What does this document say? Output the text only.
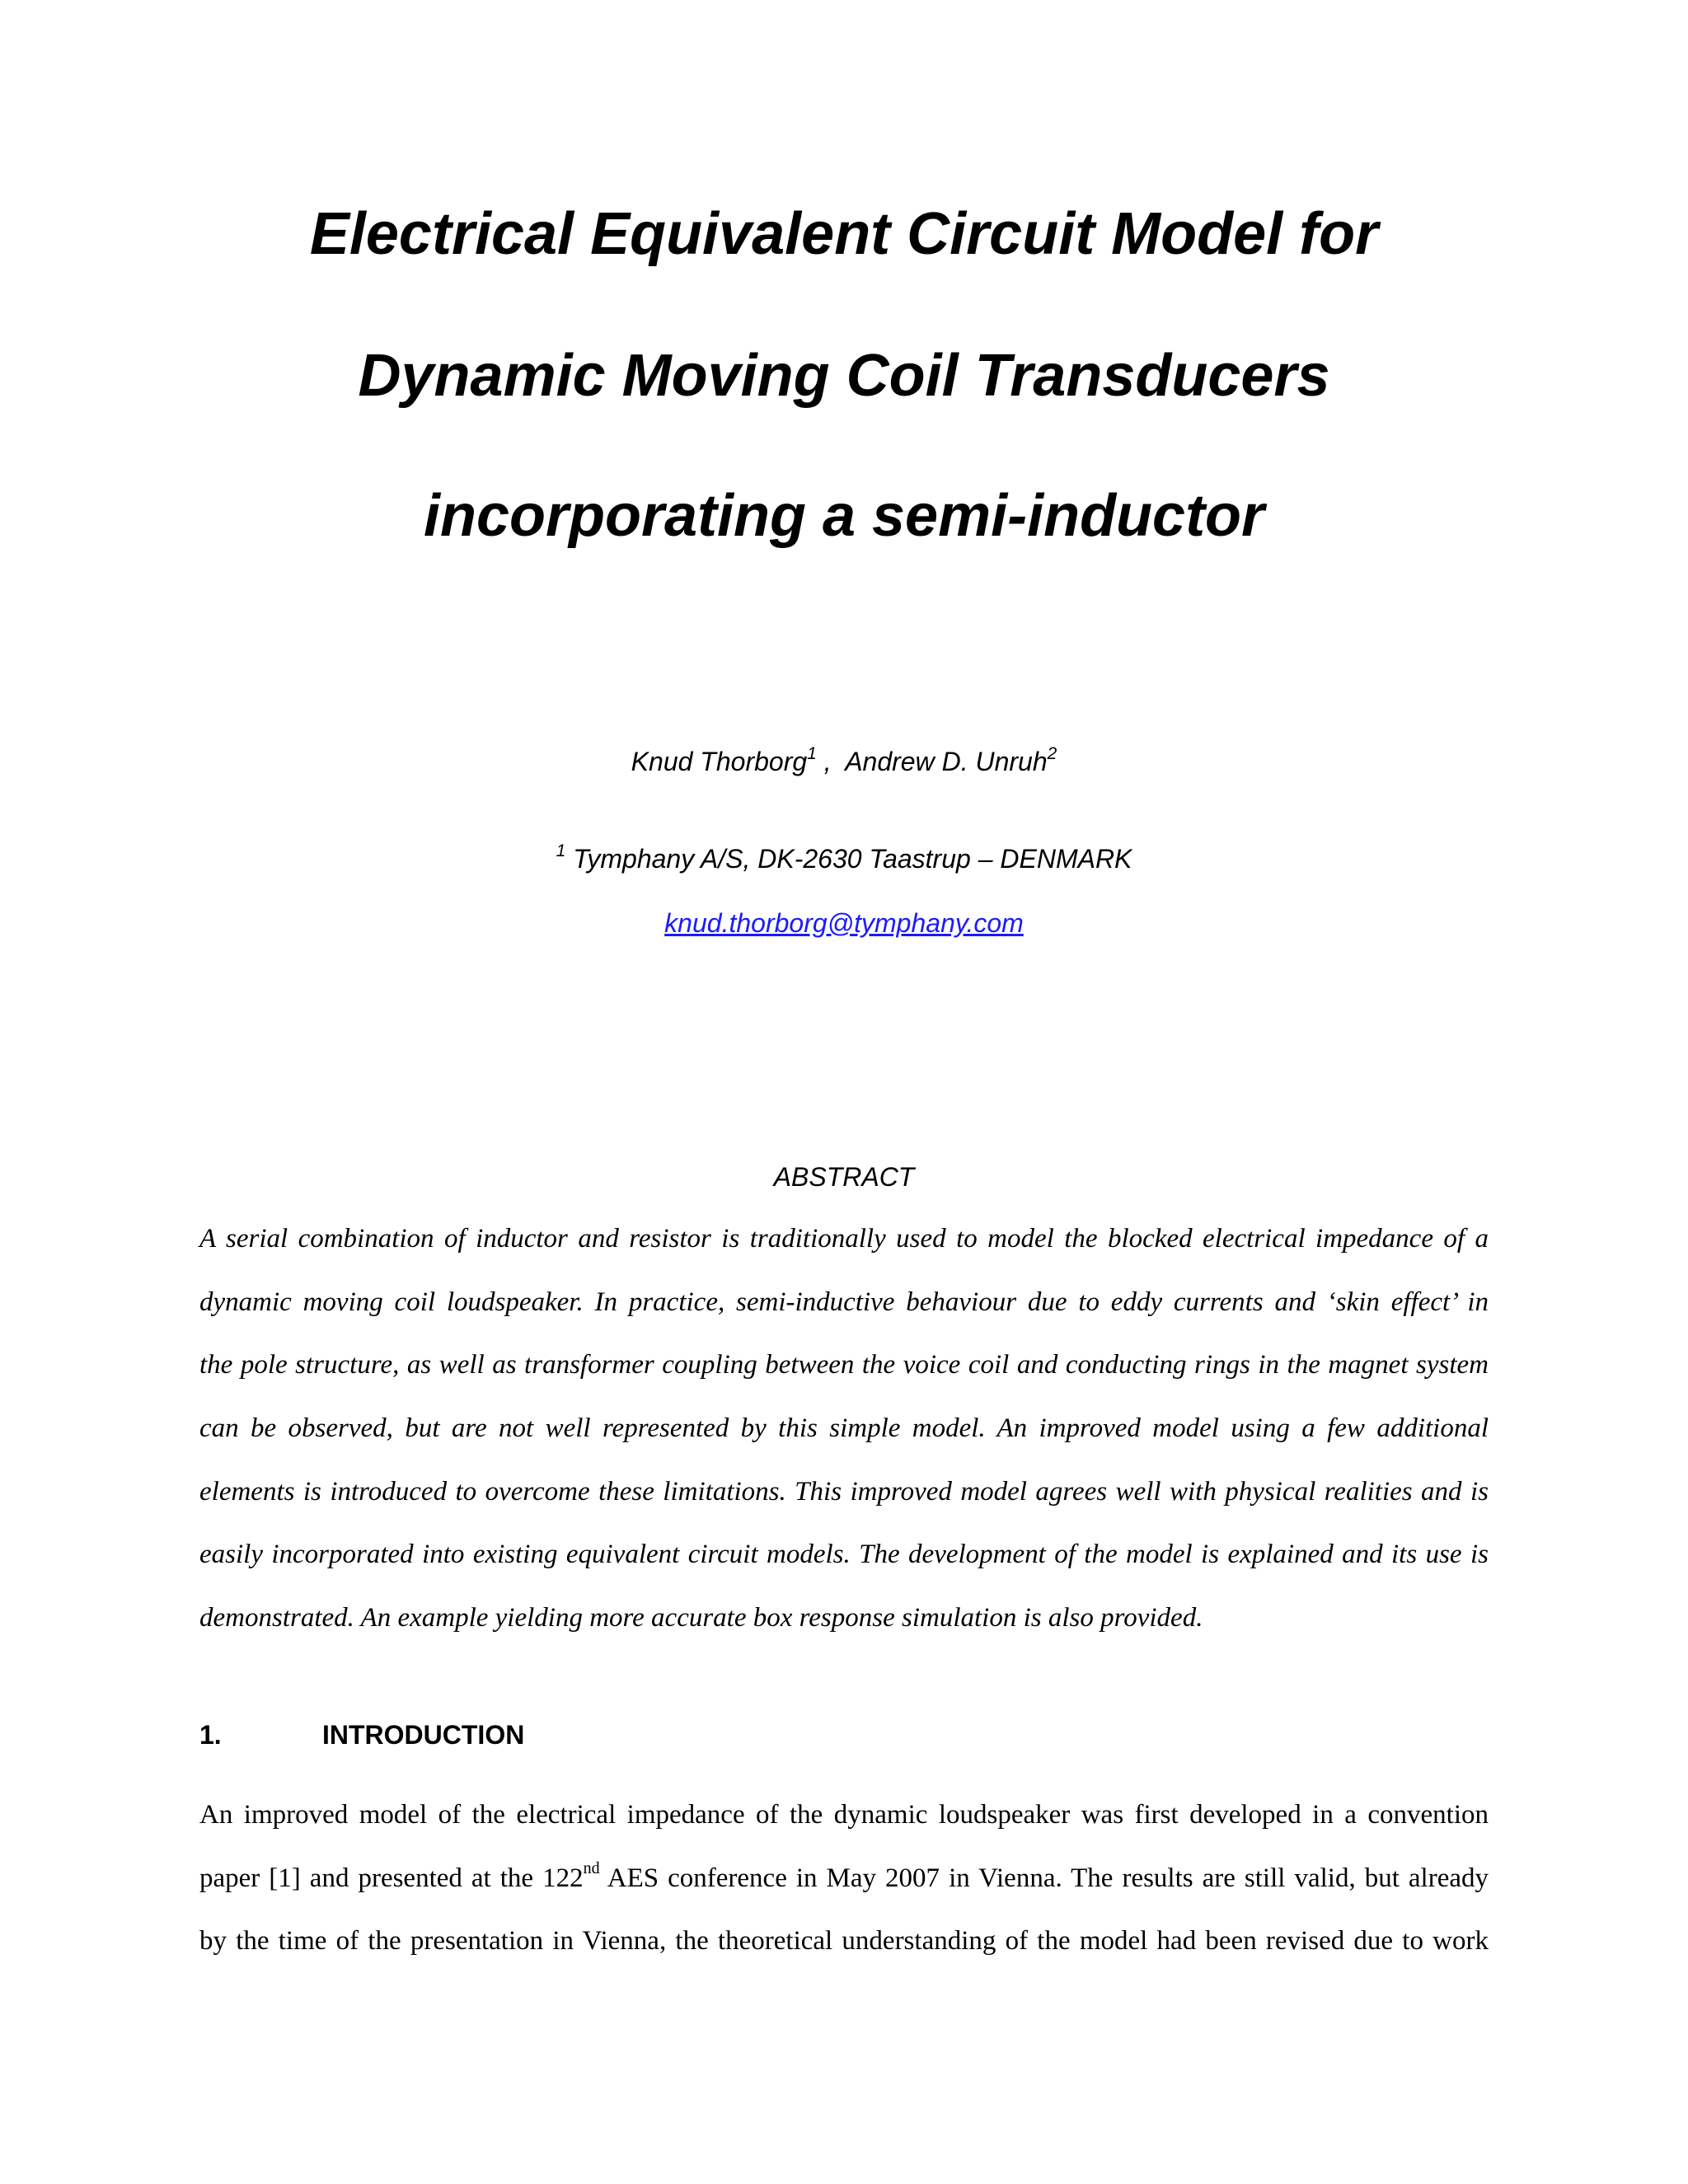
Electrical Equivalent Circuit Model for
Dynamic Moving Coil Transducers
incorporating a semi-inductor
Knud Thorborg$^1$ ,  Andrew D. Unruh$^2$
$^1$ Tymphany A/S, DK-2630 Taastrup – DENMARK
knud.thorborg@tymphany.com
ABSTRACT
A serial combination of inductor and resistor is traditionally used to model the blocked electrical impedance of a
dynamic moving coil loudspeaker. In practice, semi-inductive behaviour due to eddy currents and ‘skin effect’ in
the pole structure, as well as transformer coupling between the voice coil and conducting rings in the magnet system
can be observed, but are not well represented by this simple model. An improved model using a few additional
elements is introduced to overcome these limitations. This improved model agrees well with physical realities and is
easily incorporated into existing equivalent circuit models. The development of the model is explained and its use is
demonstrated. An example yielding more accurate box response simulation is also provided.
1.	INTRODUCTION
An improved model of the electrical impedance of the dynamic loudspeaker was first developed in a convention
paper [1] and presented at the 122nd AES conference in May 2007 in Vienna. The results are still valid, but already
by the time of the presentation in Vienna, the theoretical understanding of the model had been revised due to work
